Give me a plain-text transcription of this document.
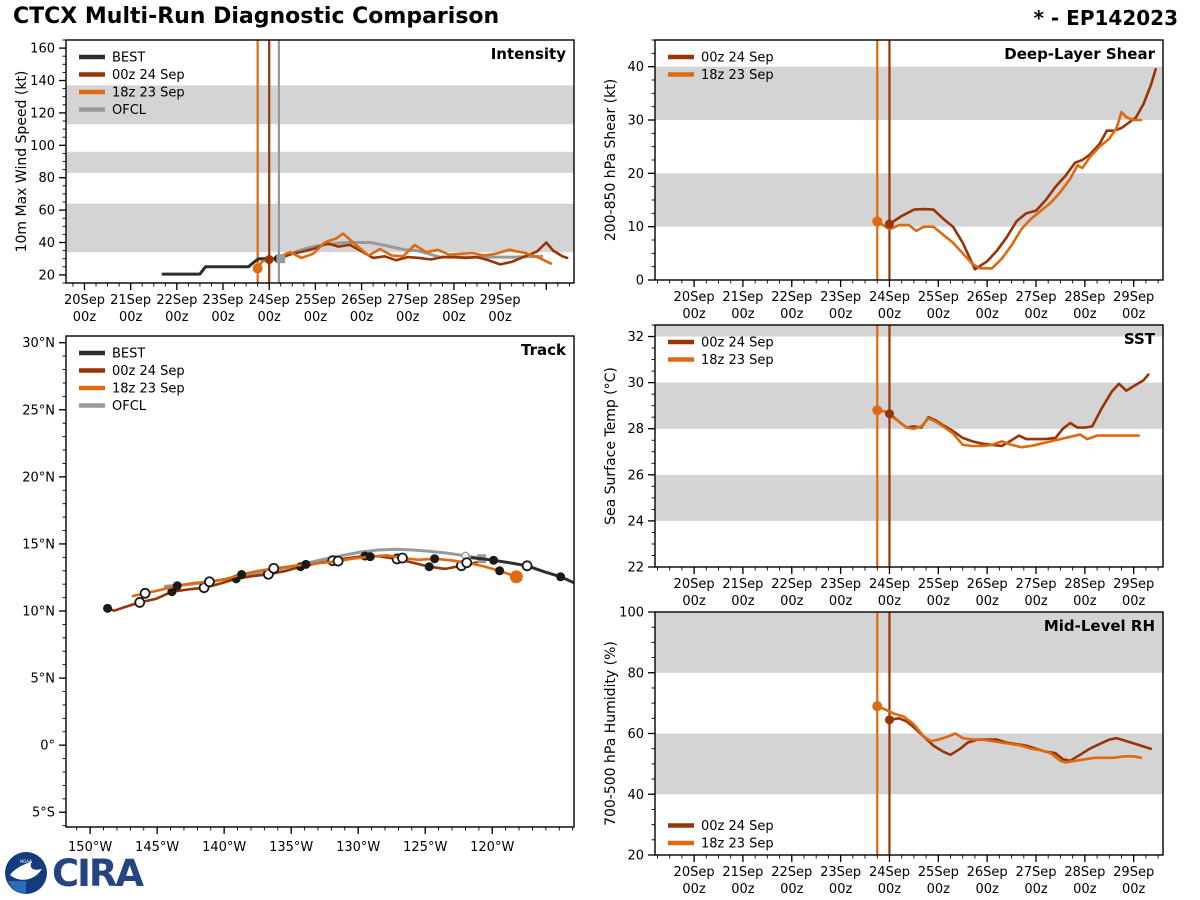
CTCX Multi-Run Diagnostic Comparison	* - EP142023
20Sep
00z
21Sep
00z
22Sep
00z
23Sep
00z
24Sep
00z
25Sep
00z
26Sep
00z
27Sep
00z
28Sep
00z
29Sep
00z
20
40
60
80
100
120
140
160
10m Max Wind Speed (kt)
Intensity
BEST
00z 24 Sep
18z 23 Sep
OFCL
20Sep
00z
21Sep
00z
22Sep
00z
23Sep
00z
24Sep
00z
25Sep
00z
26Sep
00z
27Sep
00z
28Sep
00z
29Sep
00z
0
10
20
30
40
200-850 hPa Shear (kt)
Deep-Layer Shear
00z 24 Sep
18z 23 Sep
150°W 145°W 140°W 135°W 130°W 125°W 120°W
30°N
25°N
20°N
15°N
10°N
5°N
0°
5°S
Track
BEST
00z 24 Sep
18z 23 Sep
OFCL
20Sep
00z
21Sep
00z
22Sep
00z
23Sep
00z
24Sep
00z
25Sep
00z
26Sep
00z
27Sep
00z
28Sep
00z
29Sep
00z
22
24
26
28
30
32
Sea Surface Temp (°C)
SST
00z 24 Sep
18z 23 Sep
20Sep
00z
21Sep
00z
22Sep
00z
23Sep
00z
24Sep
00z
25Sep
00z
26Sep
00z
27Sep
00z
28Sep
00z
29Sep
00z
20
40
60
80
100
700-500 hPa Humidity (%)
Mid-Level RH
00z 24 Sep
18z 23 Sep
NOAA CIRA
